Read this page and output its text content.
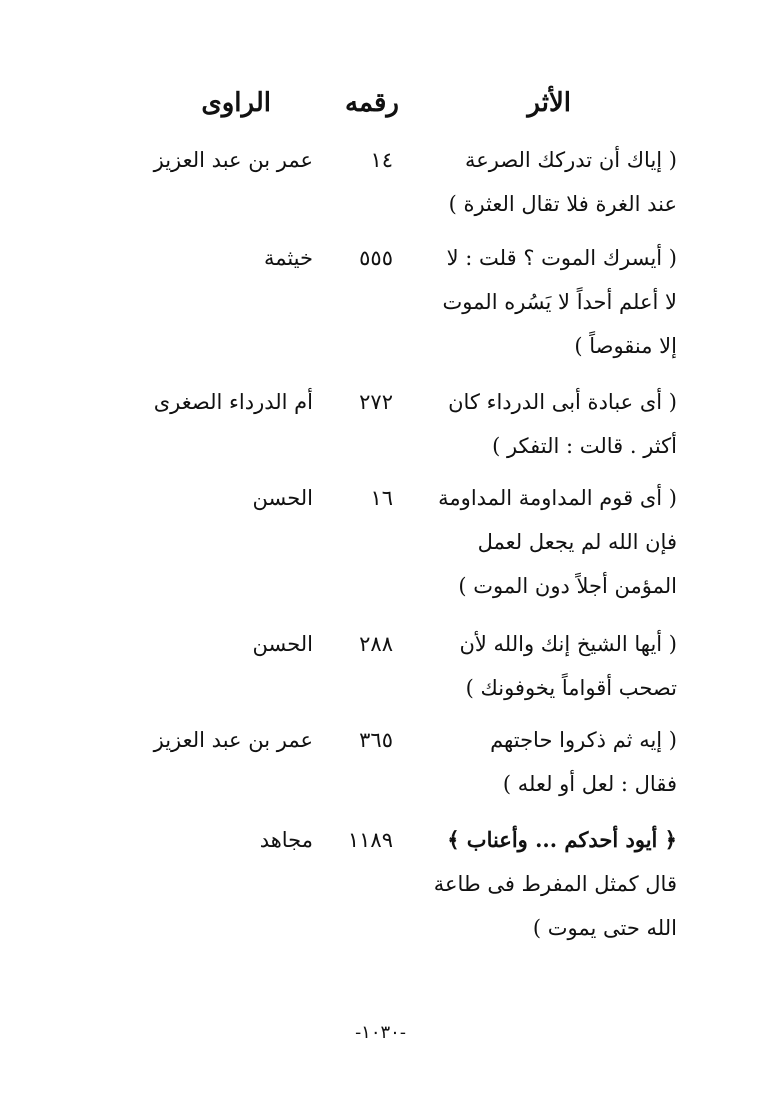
الأثر
رقمه
الراوى
( إياك أن تدركك الصرعة
عند الغرة فلا تقال العثرة )
١٤
عمر بن عبد العزيز
( أيسرك الموت ؟ قلت : لا
لا أعلم أحداً لا يَسُره الموت
إلا منقوصاً )
٥٥٥
خيثمة
( أى عبادة أبى الدرداء كان
أكثر . قالت : التفكر )
٢٧٢
أم الدرداء الصغرى
( أى قوم المداومة المداومة
فإن الله لم يجعل لعمل
المؤمن أجلاً دون الموت )
١٦
الحسن
( أيها الشيخ إنك والله لأن
تصحب أقواماً يخوفونك )
٢٨٨
الحسن
( إيه ثم ذكروا حاجتهم
فقال : لعل أو لعله )
٣٦٥
عمر بن عبد العزيز
﴿ أيود أحدكم ... وأعناب ﴾
قال كمثل المفرط فى طاعة
الله حتى يموت )
١١٨٩
مجاهد
-١٠٣٠-
